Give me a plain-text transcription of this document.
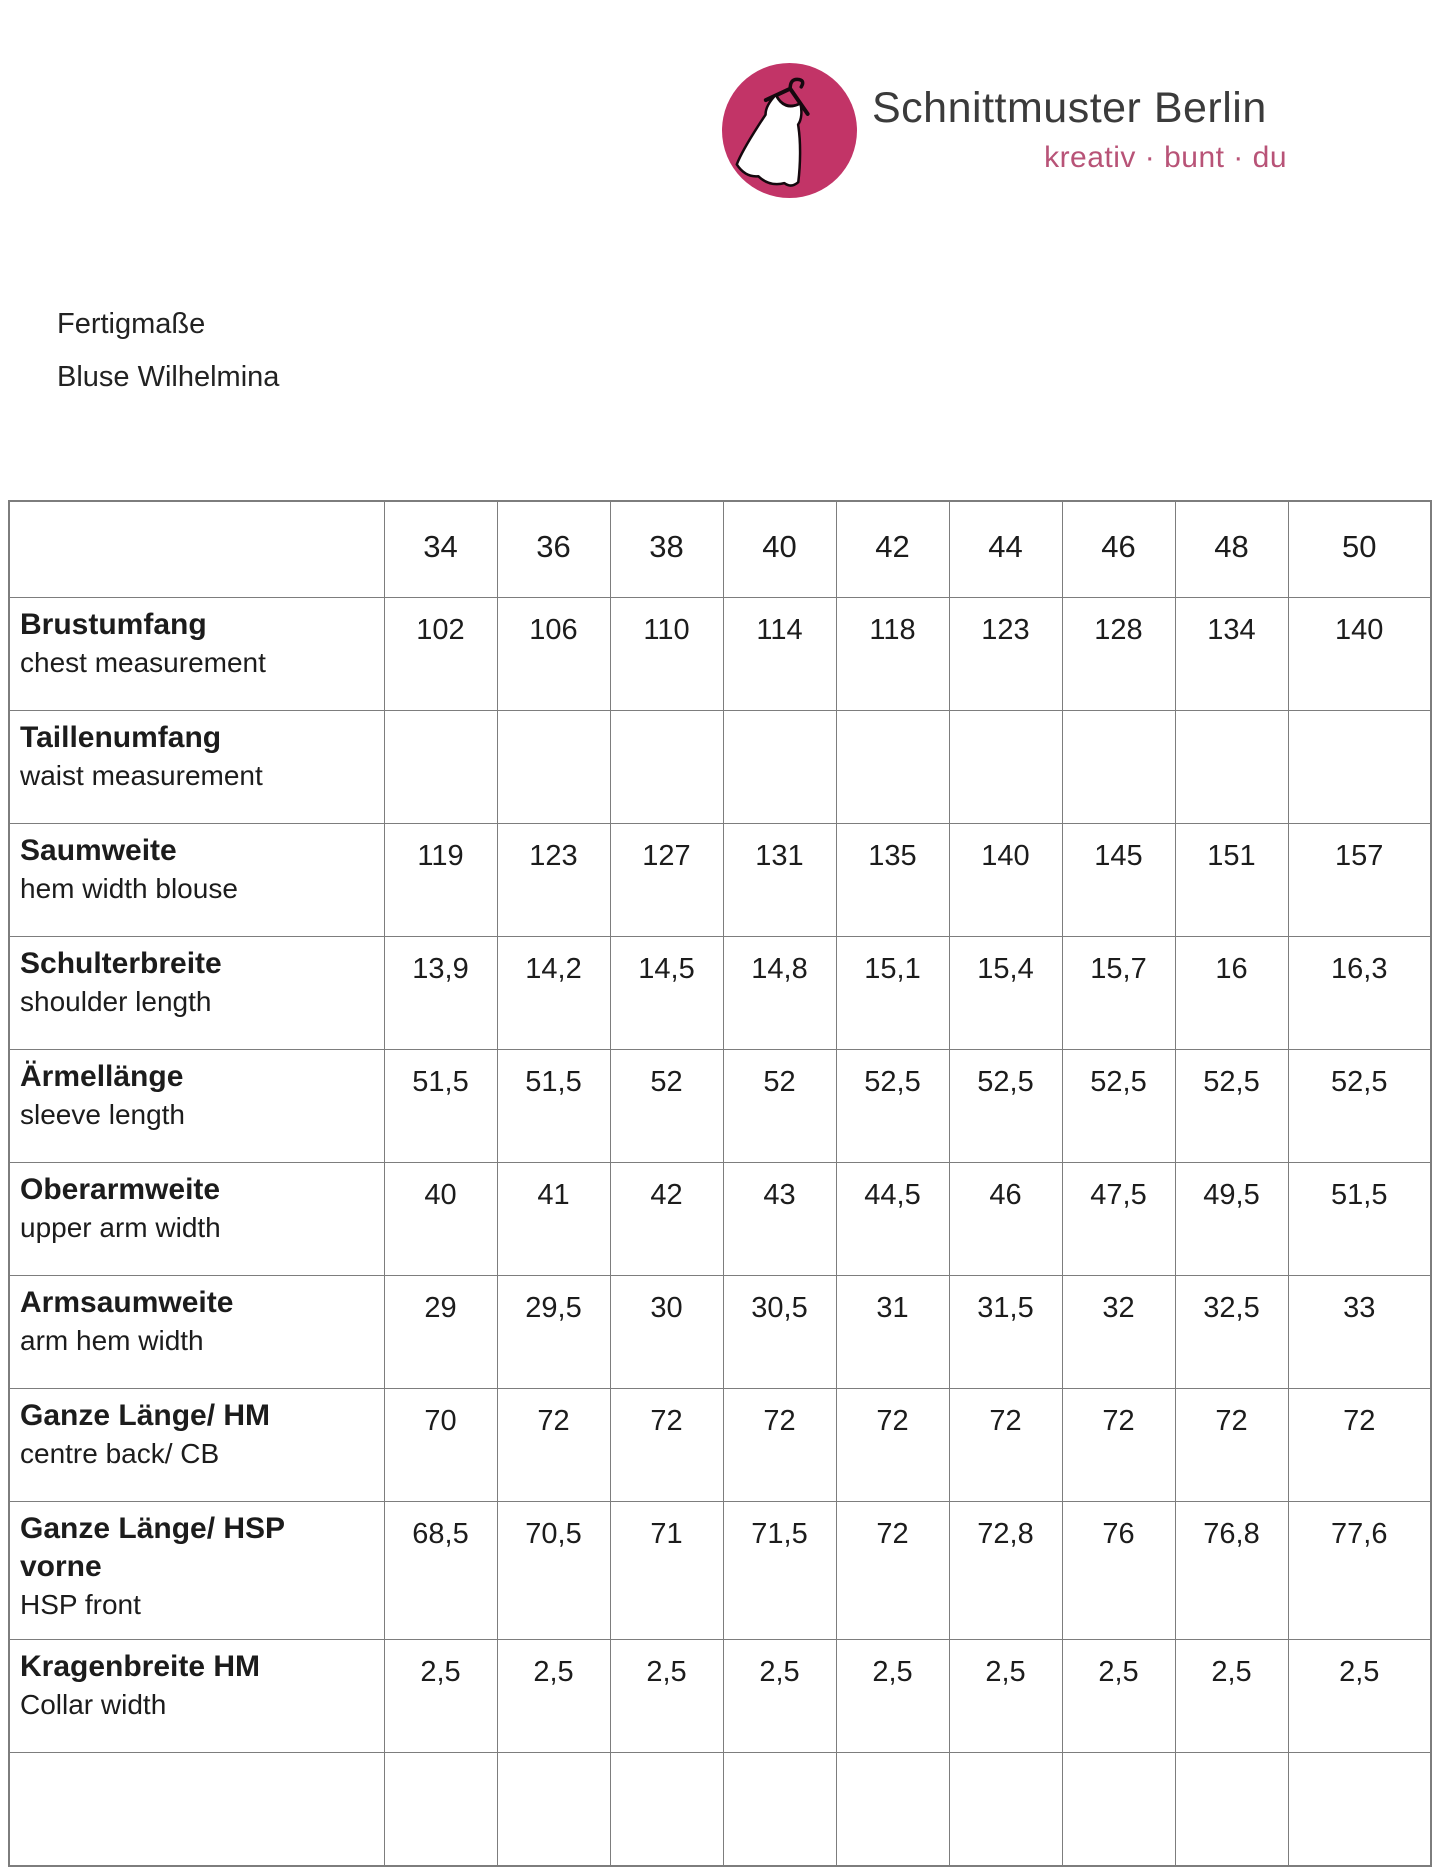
Schnittmuster Berlin
kreativ · bunt · du
Fertigmaße
Bluse Wilhelmina
	34	36	38	40	42	44	46	48	50

Brustumfang
chest measurement	102	106	110	114	118	123	128	134	140

Taillenumfang
waist measurement									

Saumweite
hem width blouse	119	123	127	131	135	140	145	151	157

Schulterbreite
shoulder length	13,9	14,2	14,5	14,8	15,1	15,4	15,7	16	16,3

Ärmellänge
sleeve length	51,5	51,5	52	52	52,5	52,5	52,5	52,5	52,5

Oberarmweite
upper arm width	40	41	42	43	44,5	46	47,5	49,5	51,5

Armsaumweite
arm hem width	29	29,5	30	30,5	31	31,5	32	32,5	33

Ganze Länge/ HM
centre back/ CB	70	72	72	72	72	72	72	72	72

Ganze Länge/ HSP vorne
HSP front	68,5	70,5	71	71,5	72	72,8	76	76,8	77,6

Kragenbreite HM
Collar width	2,5	2,5	2,5	2,5	2,5	2,5	2,5	2,5	2,5
